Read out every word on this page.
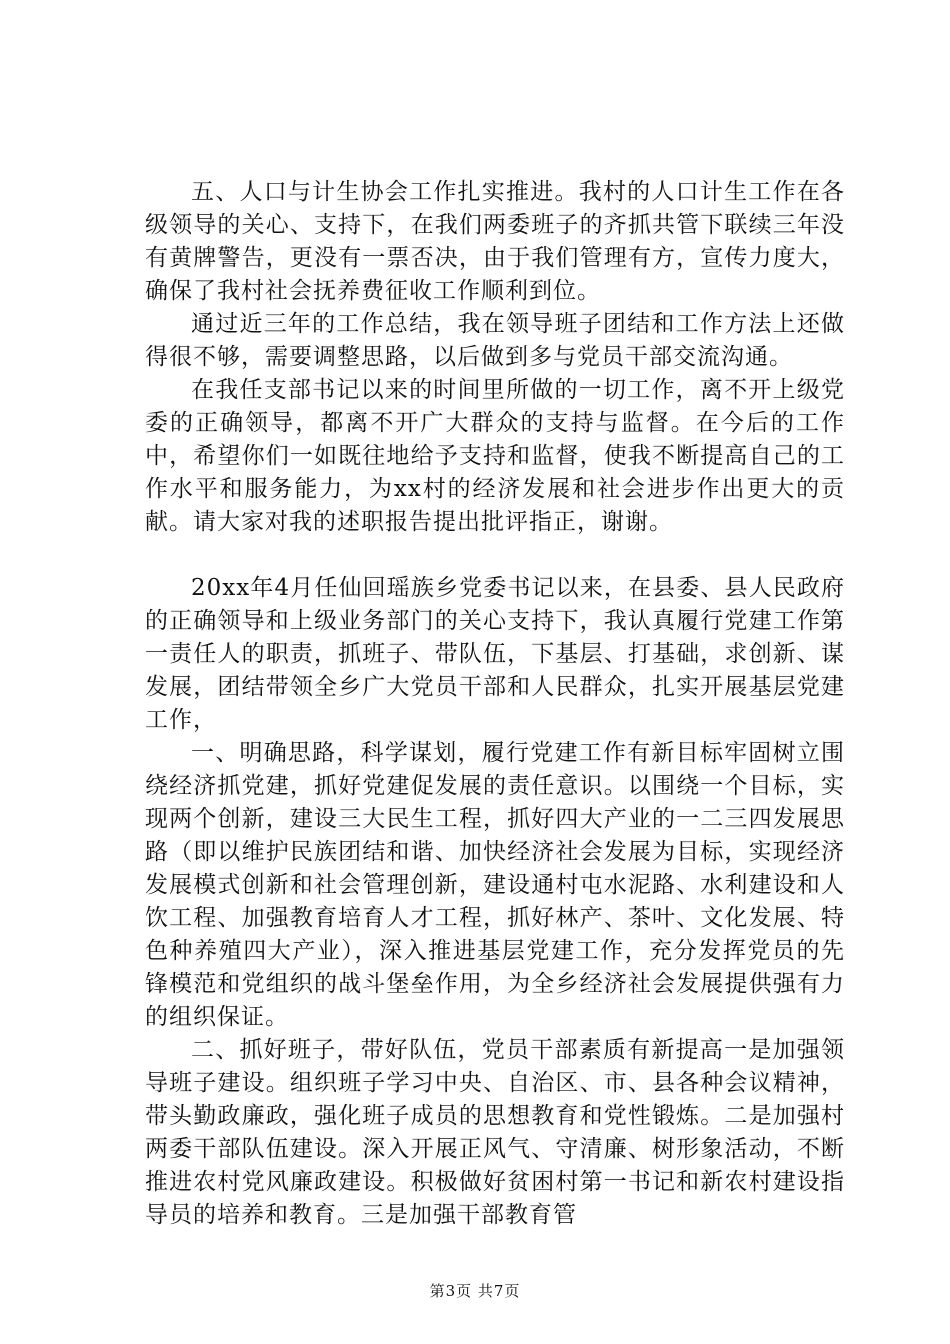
五、人口与计生协会工作扎实推进。我村的人口计生工作在各级领导的关心、支持下，在我们两委班子的齐抓共管下联续三年没有黄牌警告，更没有一票否决，由于我们管理有方，宣传力度大，确保了我村社会抚养费征收工作顺利到位。

通过近三年的工作总结，我在领导班子团结和工作方法上还做得很不够，需要调整思路，以后做到多与党员干部交流沟通。

在我任支部书记以来的时间里所做的一切工作，离不开上级党委的正确领导，都离不开广大群众的支持与监督。在今后的工作中，希望你们一如既往地给予支持和监督，使我不断提高自己的工作水平和服务能力，为xx村的经济发展和社会进步作出更大的贡献。请大家对我的述职报告提出批评指正，谢谢。

20xx年4月任仙回瑶族乡党委书记以来，在县委、县人民政府的正确领导和上级业务部门的关心支持下，我认真履行党建工作第一责任人的职责，抓班子、带队伍，下基层、打基础，求创新、谋发展，团结带领全乡广大党员干部和人民群众，扎实开展基层党建工作，

一、明确思路，科学谋划，履行党建工作有新目标牢固树立围绕经济抓党建，抓好党建促发展的责任意识。以围绕一个目标，实现两个创新，建设三大民生工程，抓好四大产业的一二三四发展思路（即以维护民族团结和谐、加快经济社会发展为目标，实现经济发展模式创新和社会管理创新，建设通村屯水泥路、水利建设和人饮工程、加强教育培育人才工程，抓好林产、茶叶、文化发展、特色种养殖四大产业），深入推进基层党建工作，充分发挥党员的先锋模范和党组织的战斗堡垒作用，为全乡经济社会发展提供强有力的组织保证。

二、抓好班子，带好队伍，党员干部素质有新提高一是加强领导班子建设。组织班子学习中央、自治区、市、县各种会议精神，带头勤政廉政，强化班子成员的思想教育和党性锻炼。二是加强村两委干部队伍建设。深入开展正风气、守清廉、树形象活动，不断推进农村党风廉政建设。积极做好贫困村第一书记和新农村建设指导员的培养和教育。三是加强干部教育管

第3页 共7页
